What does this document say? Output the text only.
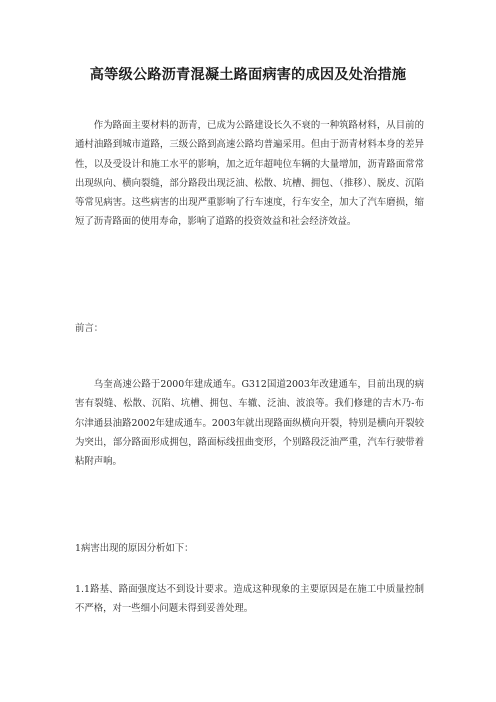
高等级公路沥青混凝土路面病害的成因及处治措施

作为路面主要材料的沥青，已成为公路建设长久不衰的一种筑路材料，从目前的通村油路到城市道路，三级公路到高速公路均普遍采用。但由于沥青材料本身的差异性，以及受设计和施工水平的影响，加之近年超吨位车辆的大量增加，沥青路面常常出现纵向、横向裂缝，部分路段出现泛油、松散、坑槽、拥包、（推移）、脱皮、沉陷等常见病害。这些病害的出现严重影响了行车速度，行车安全，加大了汽车磨损，缩短了沥青路面的使用寿命，影响了道路的投资效益和社会经济效益。

前言：

乌奎高速公路于2000年建成通车。G312国道2003年改建通车，目前出现的病害有裂缝、松散、沉陷、坑槽、拥包、车辙、泛油、波浪等。我们修建的吉木乃-布尔津通县油路2002年建成通车。2003年就出现路面纵横向开裂，特别是横向开裂较为突出，部分路面形成拥包，路面标线扭曲变形，个别路段泛油严重，汽车行驶带着粘附声响。

1病害出现的原因分析如下：

1.1路基、路面强度达不到设计要求。造成这种现象的主要原因是在施工中质量控制不严格，对一些细小问题未得到妥善处理。
